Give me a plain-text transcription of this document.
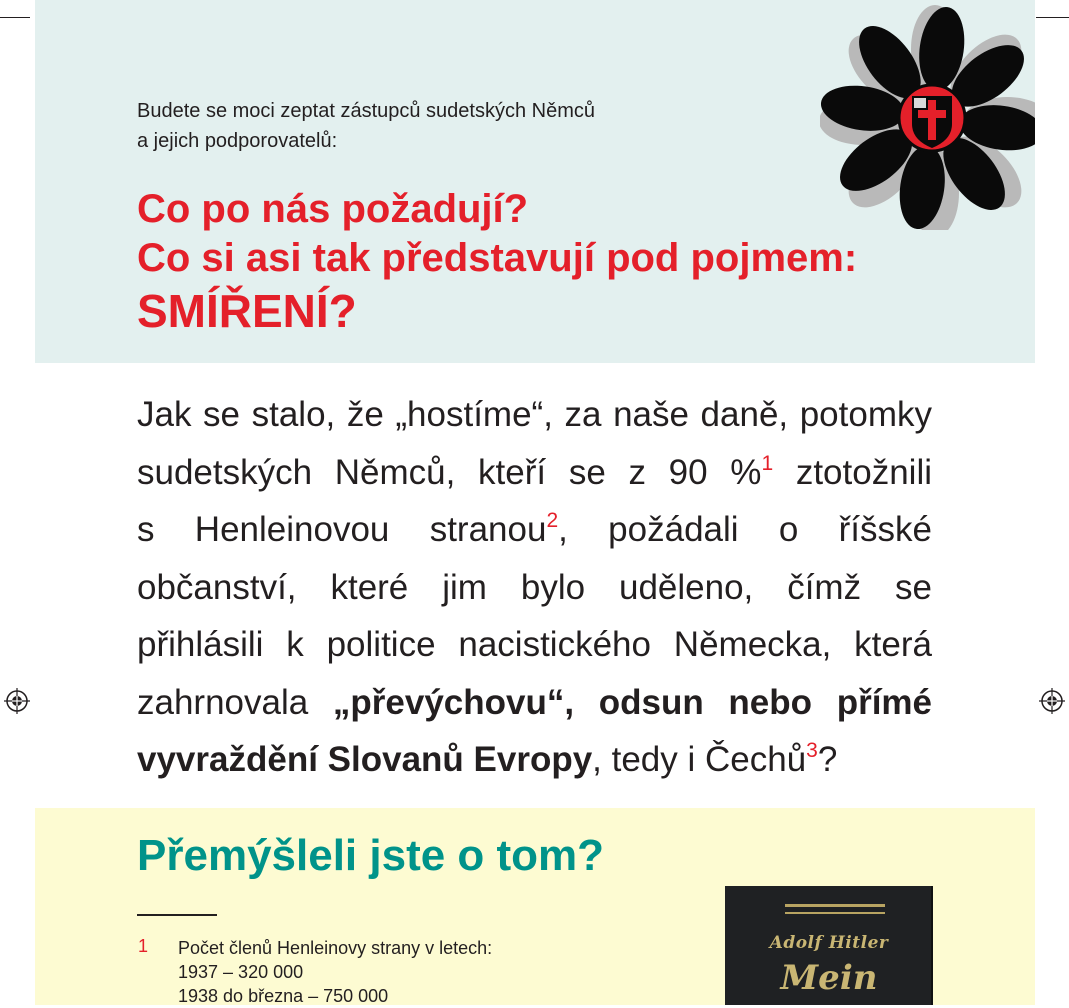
Budete se moci zeptat zástupců sudetských Němců
a jejich podporovatelů:
Co po nás požadují?
Co si asi tak představují pod pojmem:
SMÍŘENÍ?
Jak se stalo, že „hostíme“, za naše daně, potomky
sudetských Němců, kteří se z 90 %$^1$ ztotožnili
s Henleinovou stranou$^2$, požádali o říšské
občanství, které jim bylo uděleno, čímž se
přihlásili k politice nacistického Německa, která
zahrnovala „převýchovu“, odsun nebo přímé
vyvraždění Slovanů Evropy, tedy i Čechů$^3$?
Přemýšleli jste o tom?
1 Počet členů Henleinovy strany v letech:
1937 – 320 000
1938 do března – 750 000
Adolf Hitler
Mein
